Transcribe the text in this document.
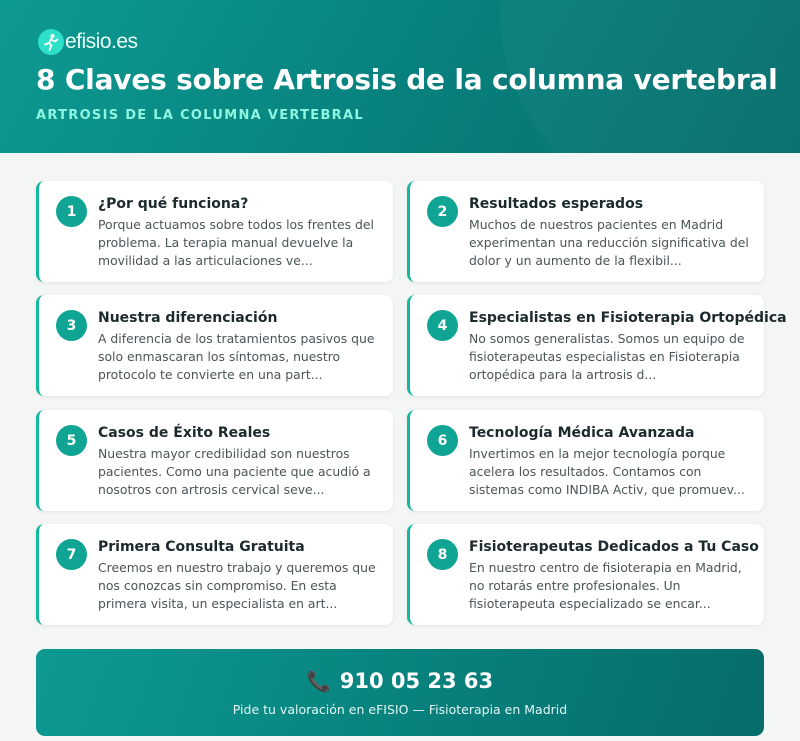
efisio.es
8 Claves sobre Artrosis de la columna vertebral
ARTROSIS DE LA COLUMNA VERTEBRAL
1	¿Por qué funciona?
Porque actuamos sobre todos los frentes del problema. La terapia manual devuelve la movilidad a las articulaciones ve...
2	Resultados esperados
Muchos de nuestros pacientes en Madrid experimentan una reducción significativa del dolor y un aumento de la flexibil...
3	Nuestra diferenciación
A diferencia de los tratamientos pasivos que solo enmascaran los síntomas, nuestro protocolo te convierte en una part...
4	Especialistas en Fisioterapia Ortopédica
No somos generalistas. Somos un equipo de fisioterapeutas especialistas en Fisioterapia ortopédica para la artrosis d...
5	Casos de Éxito Reales
Nuestra mayor credibilidad son nuestros pacientes. Como una paciente que acudió a nosotros con artrosis cervical seve...
6	Tecnología Médica Avanzada
Invertimos en la mejor tecnología porque acelera los resultados. Contamos con sistemas como INDIBA Activ, que promuev...
7	Primera Consulta Gratuita
Creemos en nuestro trabajo y queremos que nos conozcas sin compromiso. En esta primera visita, un especialista en art...
8	Fisioterapeutas Dedicados a Tu Caso
En nuestro centro de fisioterapia en Madrid, no rotarás entre profesionales. Un fisioterapeuta especializado se encar...
📞 910 05 23 63
Pide tu valoración en eFISIO — Fisioterapia en Madrid
